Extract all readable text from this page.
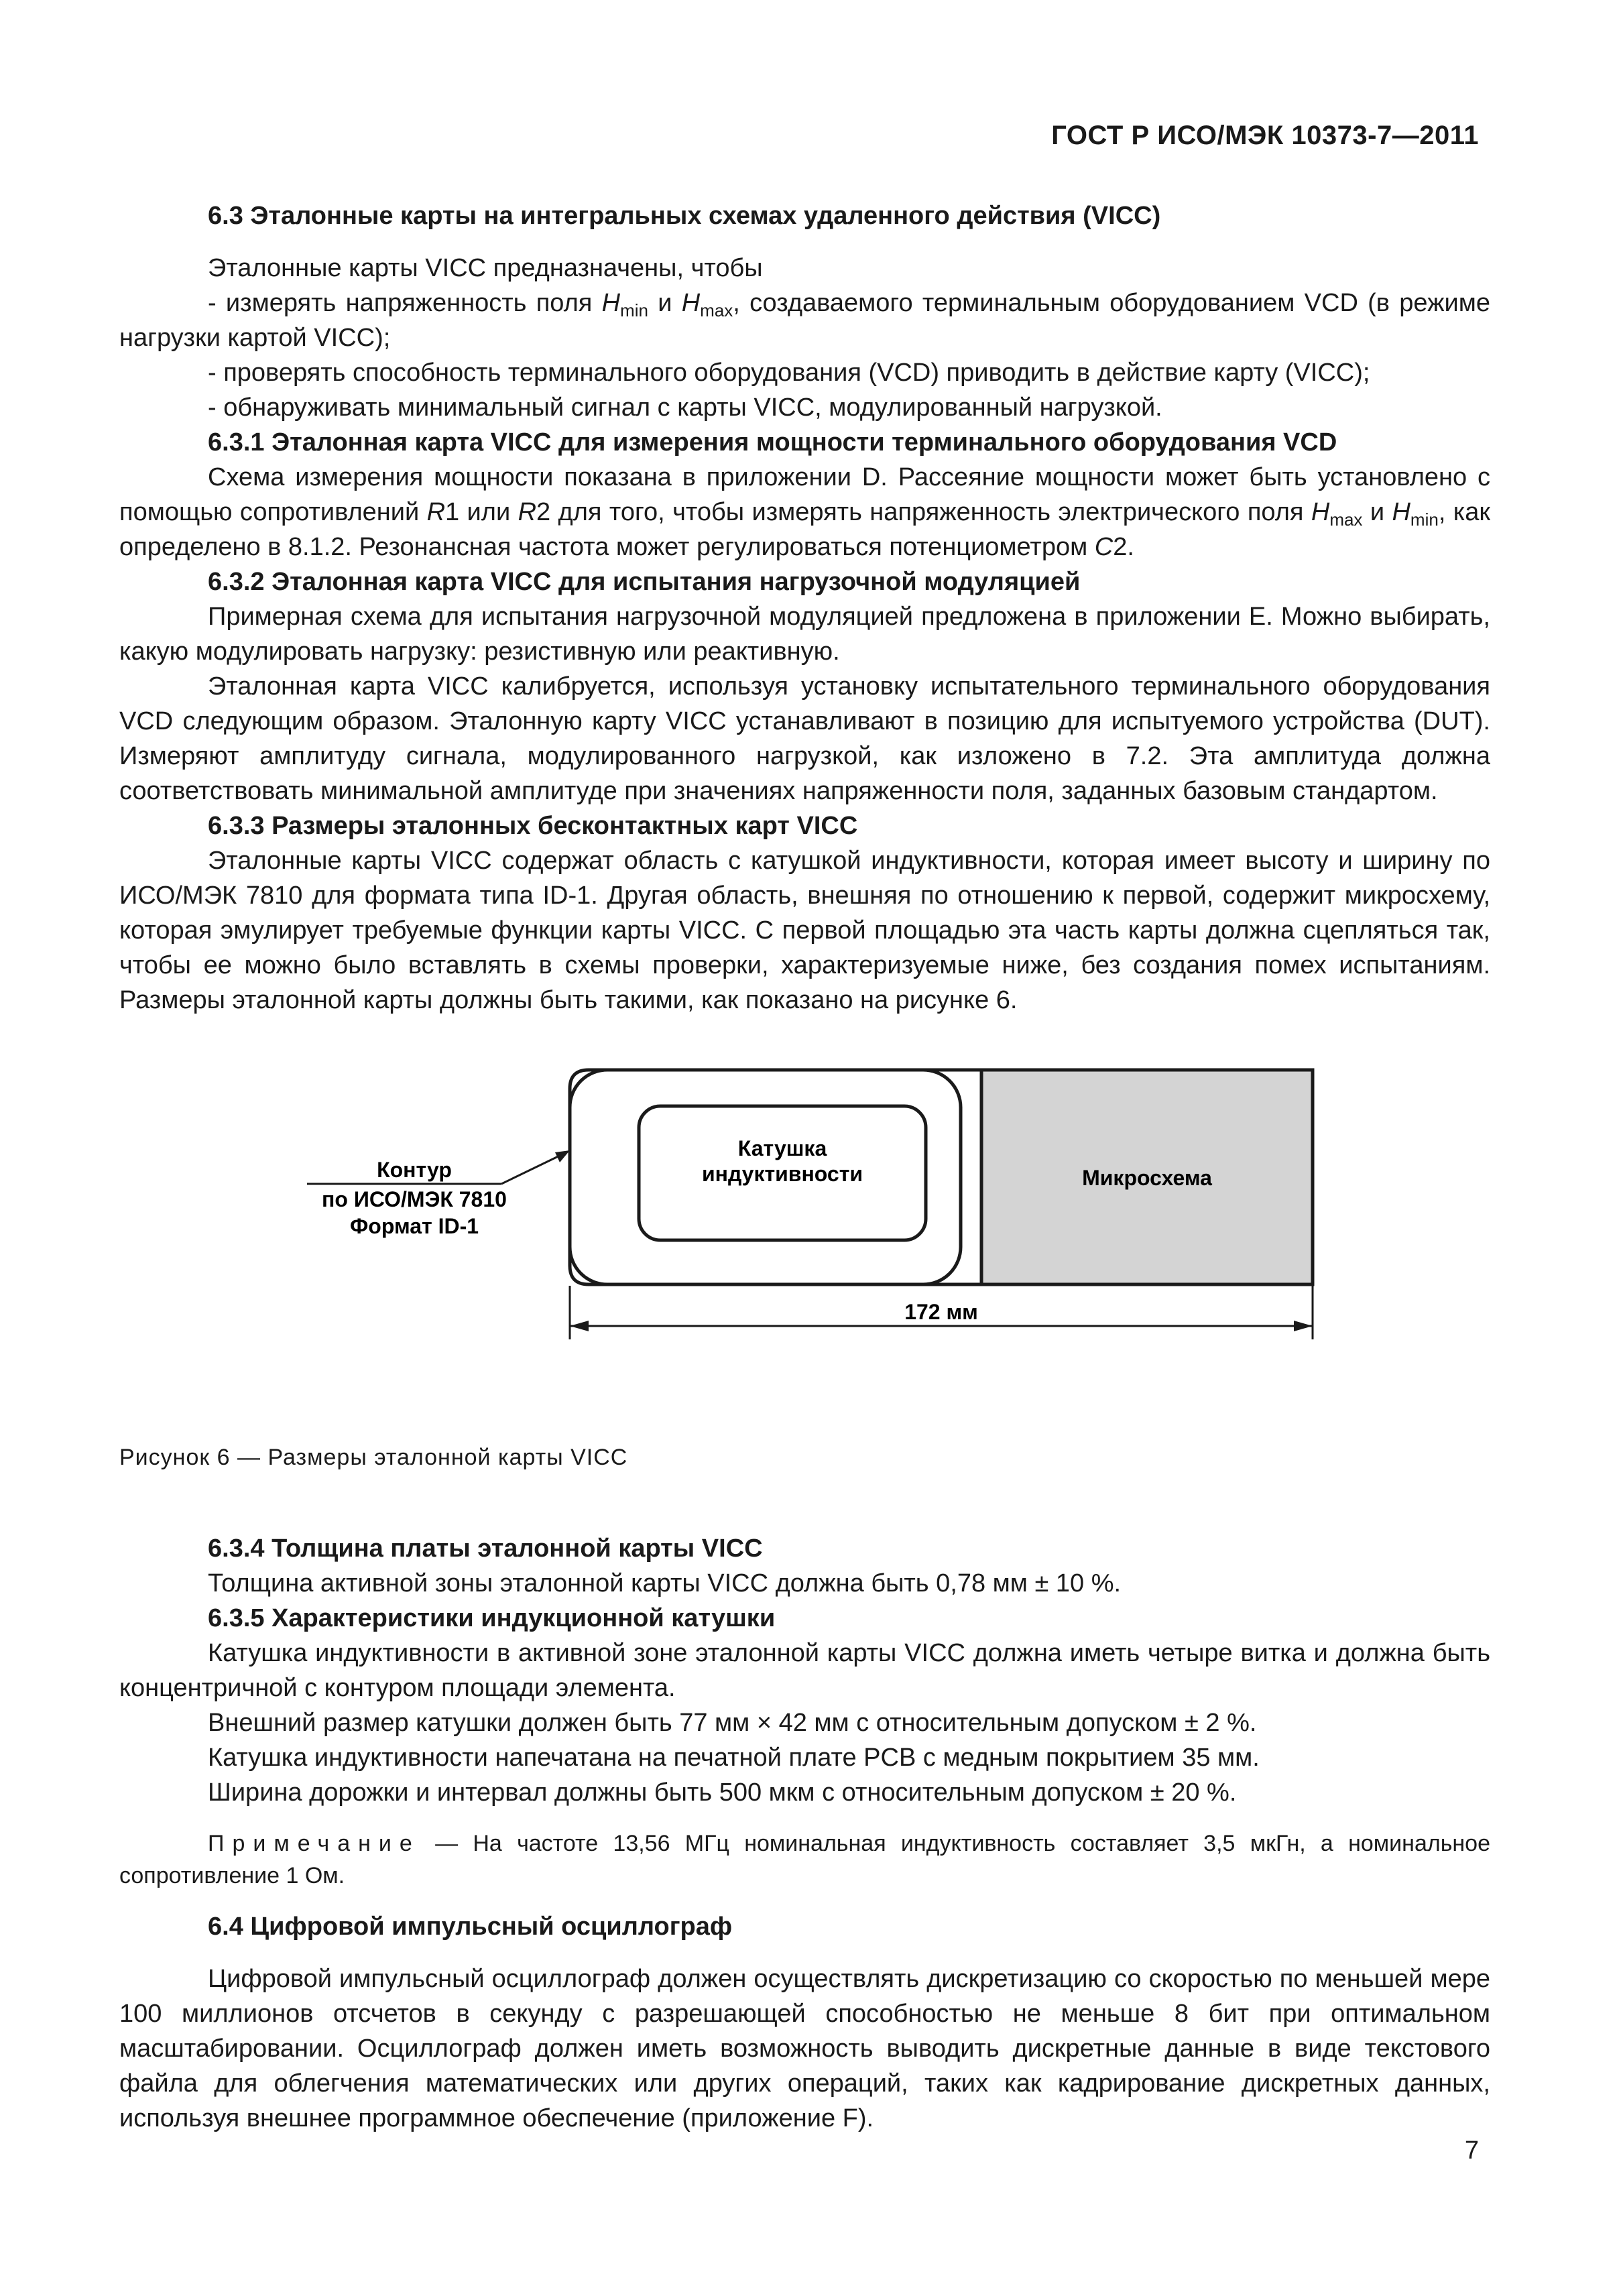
ГОСТ Р ИСО/МЭК 10373-7—2011

6.3 Эталонные карты на интегральных схемах удаленного действия (VICC)

Эталонные карты VICC предназначены, чтобы

- измерять напряженность поля $H_{min}$ и $H_{max}$, создаваемого терминальным оборудованием VCD (в режиме нагрузки картой VICC);

- проверять способность терминального оборудования (VCD) приводить в действие карту (VICC);

- обнаруживать минимальный сигнал с карты VICC, модулированный нагрузкой.

6.3.1 Эталонная карта VICC для измерения мощности терминального оборудования VCD

Схема измерения мощности показана в приложении D. Рассеяние мощности может быть установлено с помощью сопротивлений R1 или R2 для того, чтобы измерять напряженность электрического поля $H_{max}$ и $H_{min}$, как определено в 8.1.2. Резонансная частота может регулироваться потенциометром C2.

6.3.2 Эталонная карта VICC для испытания нагрузочной модуляцией

Примерная схема для испытания нагрузочной модуляцией предложена в приложении E. Можно выбирать, какую модулировать нагрузку: резистивную или реактивную.

Эталонная карта VICC калибруется, используя установку испытательного терминального оборудования VCD следующим образом. Эталонную карту VICC устанавливают в позицию для испытуемого устройства (DUT). Измеряют амплитуду сигнала, модулированного нагрузкой, как изложено в 7.2. Эта амплитуда должна соответствовать минимальной амплитуде при значениях напряженности поля, заданных базовым стандартом.

6.3.3 Размеры эталонных бесконтактных карт VICC

Эталонные карты VICC содержат область с катушкой индуктивности, которая имеет высоту и ширину по ИСО/МЭК 7810 для формата типа ID-1. Другая область, внешняя по отношению к первой, содержит микросхему, которая эмулирует требуемые функции карты VICC. С первой площадью эта часть карты должна сцепляться так, чтобы ее можно было вставлять в схемы проверки, характеризуемые ниже, без создания помех испытаниям. Размеры эталонной карты должны быть такими, как показано на рисунке 6.

Контур
по ИСО/МЭК 7810
Формат ID-1
Катушка
индуктивности	Микросхема
172 мм

Рисунок 6 — Размеры эталонной карты VICC

6.3.4 Толщина платы эталонной карты VICC

Толщина активной зоны эталонной карты VICC должна быть 0,78 мм ± 10 %.

6.3.5 Характеристики индукционной катушки

Катушка индуктивности в активной зоне эталонной карты VICC должна иметь четыре витка и должна быть концентричной с контуром площади элемента.

Внешний размер катушки должен быть 77 мм × 42 мм с относительным допуском ± 2 %.

Катушка индуктивности напечатана на печатной плате PCB с медным покрытием 35 мм.

Ширина дорожки и интервал должны быть 500 мкм с относительным допуском ± 20 %.

Примечание — На частоте 13,56 МГц номинальная индуктивность составляет 3,5 мкГн, а номинальное сопротивление 1 Ом.

6.4 Цифровой импульсный осциллограф

Цифровой импульсный осциллограф должен осуществлять дискретизацию со скоростью по меньшей мере 100 миллионов отсчетов в секунду с разрешающей способностью не меньше 8 бит при оптимальном масштабировании. Осциллограф должен иметь возможность выводить дискретные данные в виде текстового файла для облегчения математических или других операций, таких как кадрирование дискретных данных, используя внешнее программное обеспечение (приложение F).

7
